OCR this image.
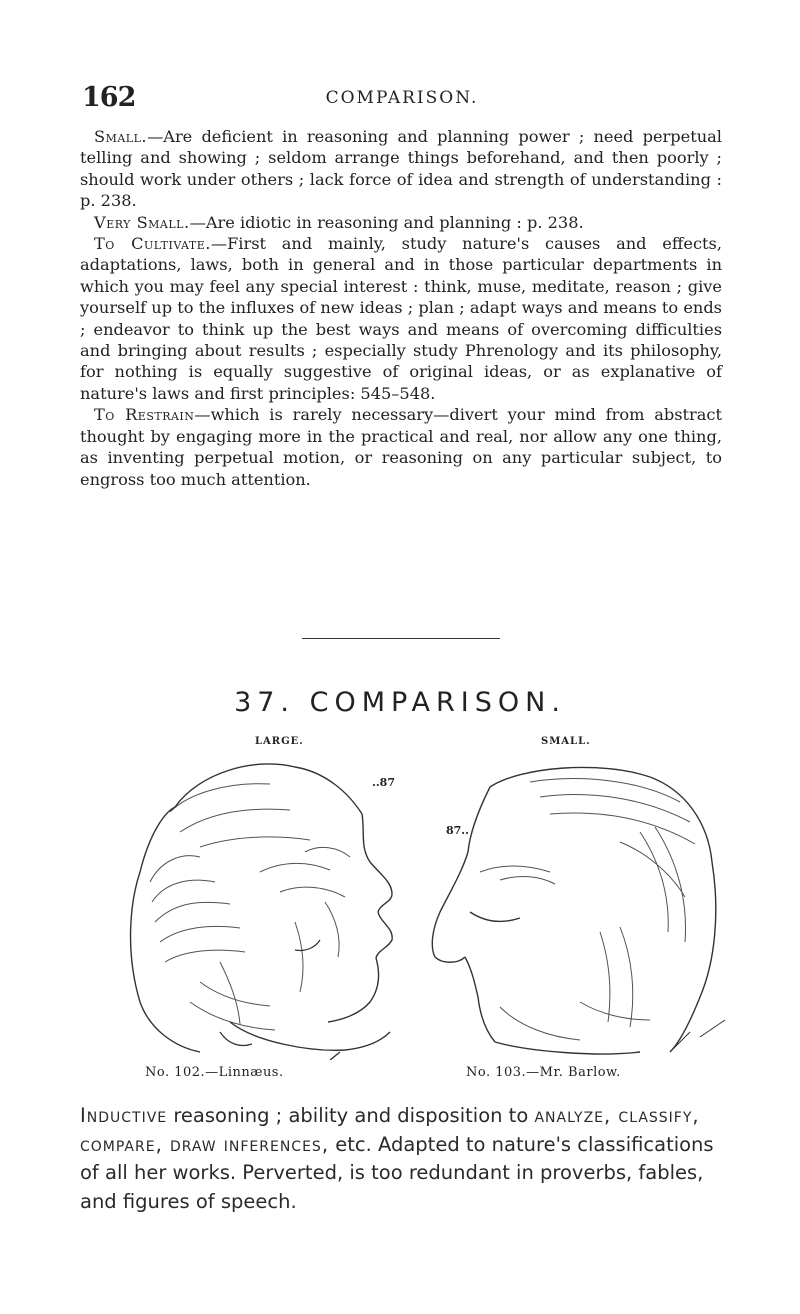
162	COMPARISON.

Small.—Are deficient in reasoning and planning power ; need perpetual telling and showing ; seldom arrange things beforehand, and then poorly ; should work under others ; lack force of idea and strength of understanding : p. 238.

Very Small.—Are idiotic in reasoning and planning : p. 238.

To Cultivate.—First and mainly, study nature's causes and effects, adaptations, laws, both in general and in those particular departments in which you may feel any special interest : think, muse, meditate, reason ; give yourself up to the influxes of new ideas ; plan ; adapt ways and means to ends ; endeavor to think up the best ways and means of overcoming difficulties and bringing about results ; especially study Phrenology and its philosophy, for nothing is equally suggestive of original ideas, or as explanative of nature's laws and first principles: 545–548.

To Restrain—which is rarely necessary—divert your mind from abstract thought by engaging more in the practical and real, nor allow any one thing, as inventing perpetual motion, or reasoning on any particular subject, to engross too much attention.

37. COMPARISON.
LARGE.	SMALL.
..87
87..
No. 102.—Linnæus.	No. 103.—Mr. Barlow.
Inductive reasoning ; ability and disposition to analyze, classify, compare, draw inferences, etc. Adapted to nature's classifications of all her works. Perverted, is too redundant in proverbs, fables, and figures of speech.
